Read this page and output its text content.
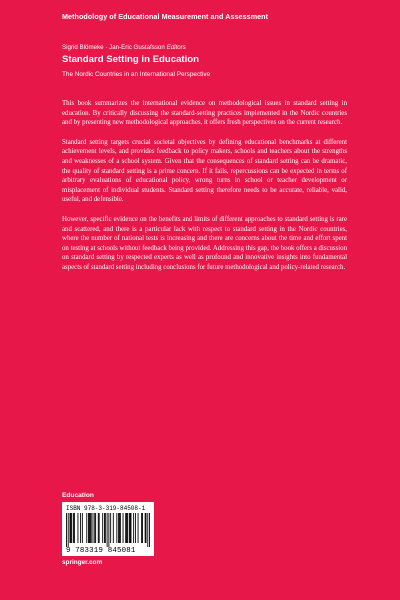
Methodology of Educational Measurement and Assessment
Sigrid Blömeke · Jan-Eric Gustafsson Editors
Standard Setting in Education
The Nordic Countries in an International Perspective

This book summarizes the international evidence on methodological issues in standard setting in education. By critically discussing the standard-setting practices implemented in the Nordic countries and by presenting new methodological approaches, it offers fresh perspectives on the current research.

Standard setting targets crucial societal objectives by defining educational benchmarks at different achievement levels, and provides feedback to policy makers, schools and teachers about the strengths and weaknesses of a school system. Given that the consequences of standard setting can be dramatic, the quality of standard setting is a prime concern. If it fails, repercussions can be expected in terms of arbitrary evaluations of educational policy, wrong turns in school or teacher development or misplacement of individual students. Standard setting therefore needs to be accurate, reliable, valid, useful, and defensible.

However, specific evidence on the benefits and limits of different approaches to standard setting is rare and scattered, and there is a particular lack with respect to standard setting in the Nordic countries, where the number of national tests is increasing and there are concerns about the time and effort spent on testing at schools without feedback being provided. Addressing this gap, the book offers a discussion on standard setting by respected experts as well as profound and innovative insights into fundamental aspects of standard setting including conclusions for future methodological and policy-related research.

Education
ISBN 978-3-319-84508-1
9 783319 845081
springer.com
